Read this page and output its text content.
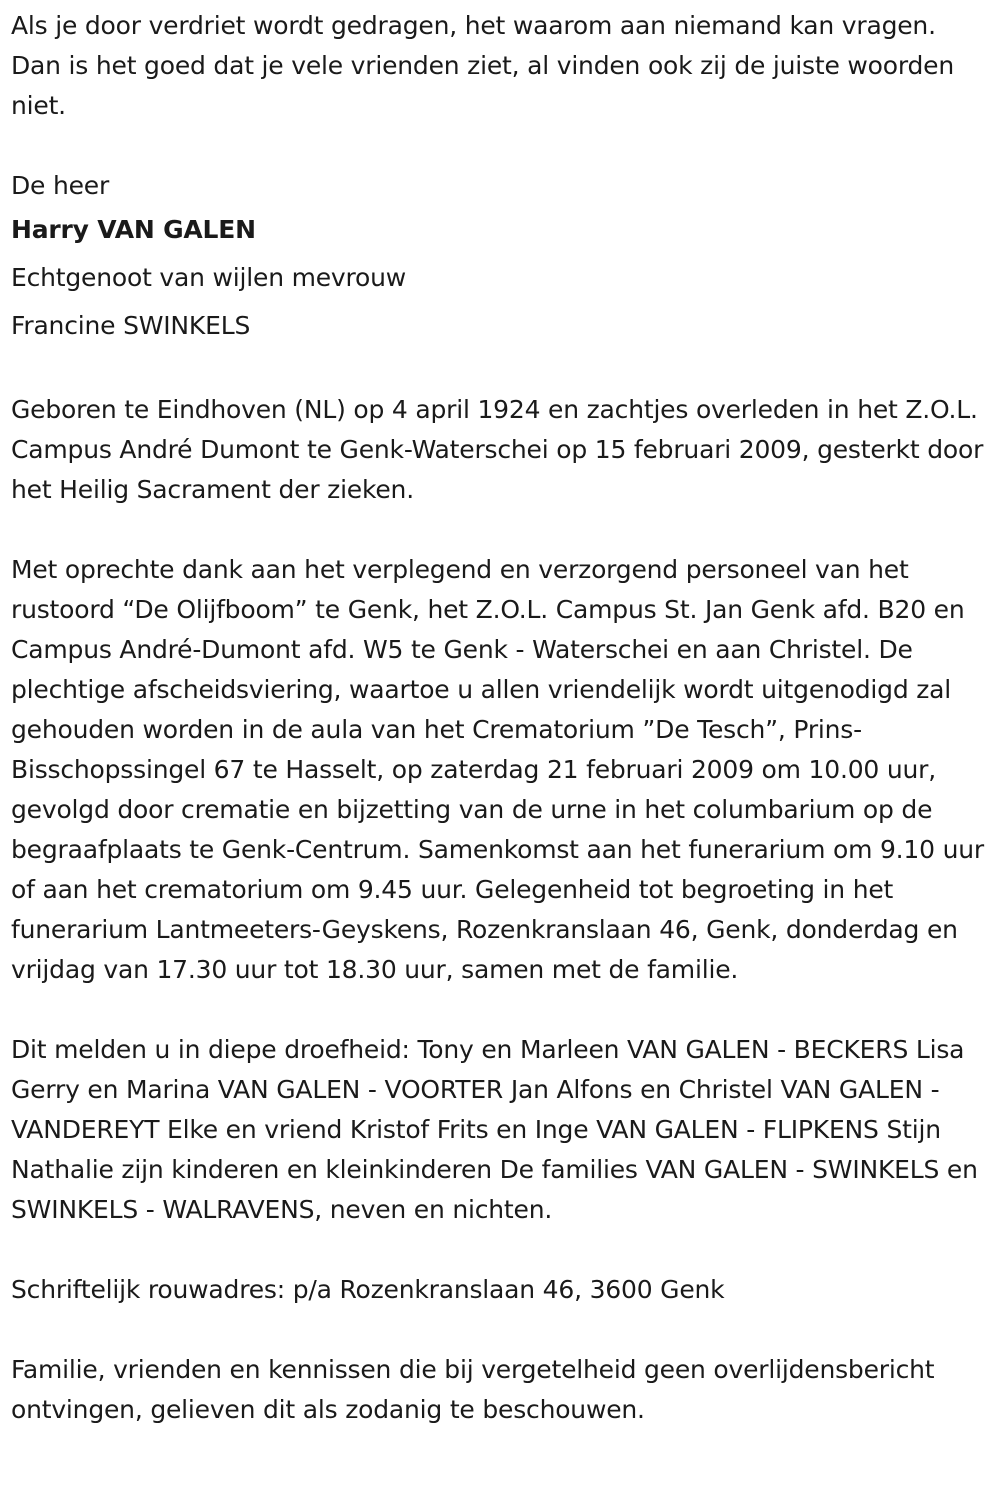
Als je door verdriet wordt gedragen, het waarom aan niemand kan vragen. Dan is het goed dat je vele vrienden ziet, al vinden ook zij de juiste woorden niet.

De heer

Harry VAN GALEN

Echtgenoot van wijlen mevrouw

Francine SWINKELS

Geboren te Eindhoven (NL) op 4 april 1924 en zachtjes overleden in het Z.O.L. Campus André Dumont te Genk-Waterschei op 15 februari 2009, gesterkt door het Heilig Sacrament der zieken.

Met oprechte dank aan het verplegend en verzorgend personeel van het rustoord “De Olijfboom” te Genk, het Z.O.L. Campus St. Jan Genk afd. B20 en Campus André-Dumont afd. W5 te Genk - Waterschei en aan Christel. De plechtige afscheidsviering, waartoe u allen vriendelijk wordt uitgenodigd zal gehouden worden in de aula van het Crematorium ”De Tesch”, Prins-Bisschopssingel 67 te Hasselt, op zaterdag 21 februari 2009 om 10.00 uur, gevolgd door crematie en bijzetting van de urne in het columbarium op de begraafplaats te Genk-Centrum. Samenkomst aan het funerarium om 9.10 uur of aan het crematorium om 9.45 uur. Gelegenheid tot begroeting in het funerarium Lantmeeters-Geyskens, Rozenkranslaan 46, Genk, donderdag en vrijdag van 17.30 uur tot 18.30 uur, samen met de familie.

Dit melden u in diepe droefheid: Tony en Marleen VAN GALEN - BECKERS Lisa Gerry en Marina VAN GALEN - VOORTER Jan Alfons en Christel VAN GALEN - VANDEREYT Elke en vriend Kristof Frits en Inge VAN GALEN - FLIPKENS Stijn Nathalie zijn kinderen en kleinkinderen De families VAN GALEN - SWINKELS en SWINKELS - WALRAVENS, neven en nichten.

Schriftelijk rouwadres: p/a Rozenkranslaan 46, 3600 Genk

Familie, vrienden en kennissen die bij vergetelheid geen overlijdensbericht ontvingen, gelieven dit als zodanig te beschouwen.
